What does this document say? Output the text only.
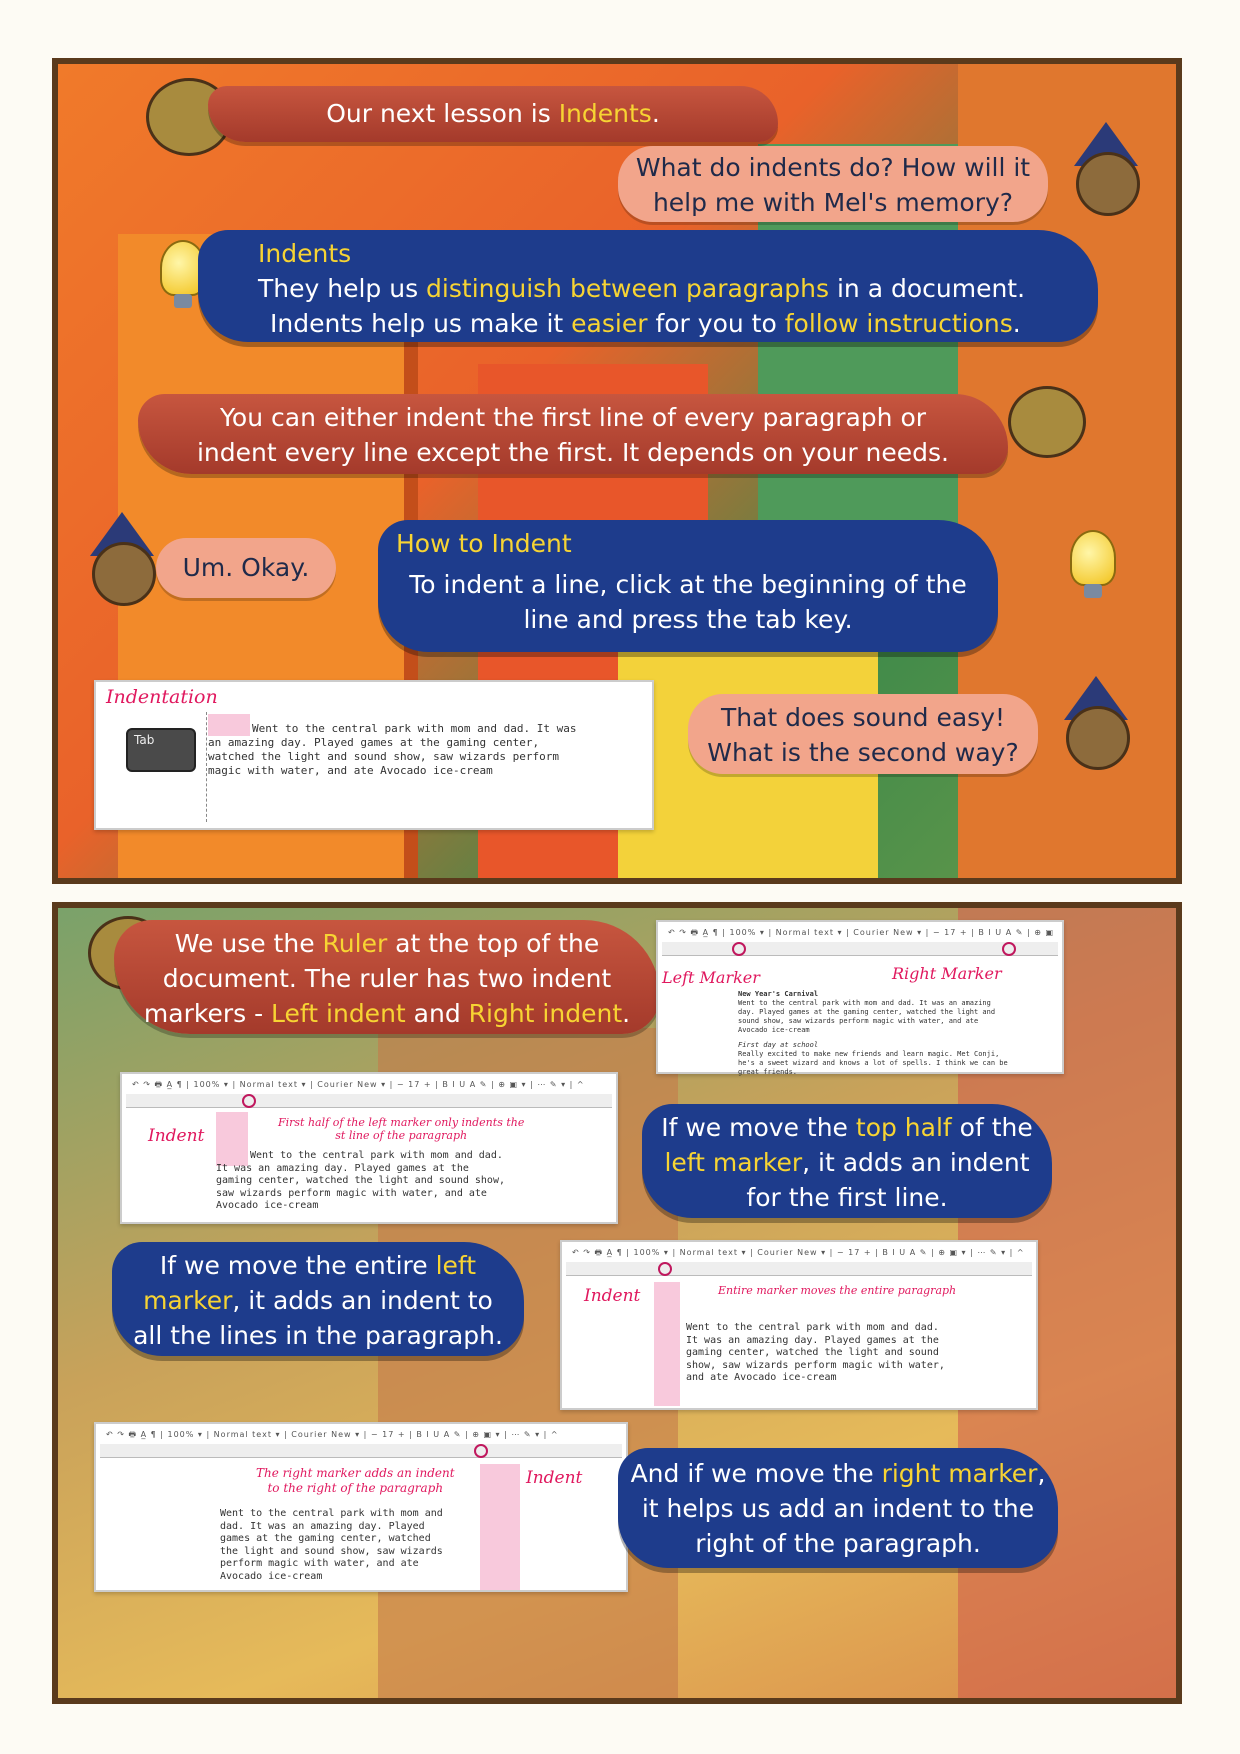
Our next lesson is Indents.
What do indents do? How will it
help me with Mel's memory?
Indents
They help us distinguish between paragraphs in a document.
Indents help us make it easier for you to follow instructions.
You can either indent the first line of every paragraph or
indent every line except the first. It depends on your needs.
Um. Okay.
How to Indent
To indent a line, click at the beginning of the
line and press the tab key.
That does sound easy!
What is the second way?
Indentation
Tab
Went to the central park with mom and dad. It was
an amazing day. Played games at the gaming center,
watched the light and sound show, saw wizards perform
magic with water, and ate Avocado ice-cream
We use the Ruler at the top of the
document. The ruler has two indent
markers - Left indent and Right indent.
↶ ↷ 🖶 A̲ ¶ | 100% ▾ | Normal text ▾ | Courier New ▾ | − 17 + | B I U A ✎ | ⊕ ▣
Left Marker	Right Marker
New Year's Carnival
Went to the central park with mom and dad. It was an amazing
day. Played games at the gaming center, watched the light and
sound show, saw wizards perform magic with water, and ate
Avocado ice-cream
First day at school
Really excited to make new friends and learn magic. Met Conji,
he's a sweet wizard and knows a lot of spells. I think we can be
great friends.
↶ ↷ 🖶 A̲ ¶ | 100% ▾ | Normal text ▾ | Courier New ▾ | − 17 + | B I U A ✎ | ⊕ ▣ ▾ | ⋯ ✎ ▾ | ^
Indent
First half of the left marker only indents the
st line of the paragraph
Went to the central park with mom and dad.
It was an amazing day. Played games at the
gaming center, watched the light and sound show,
saw wizards perform magic with water, and ate
Avocado ice-cream
If we move the top half of the
left marker, it adds an indent
for the first line.
If we move the entire left
marker, it adds an indent to
all the lines in the paragraph.
↶ ↷ 🖶 A̲ ¶ | 100% ▾ | Normal text ▾ | Courier New ▾ | − 17 + | B I U A ✎ | ⊕ ▣ ▾ | ⋯ ✎ ▾ | ^
Indent	Entire marker moves the entire paragraph
Went to the central park with mom and dad.
It was an amazing day. Played games at the
gaming center, watched the light and sound
show, saw wizards perform magic with water,
and ate Avocado ice-cream
↶ ↷ 🖶 A̲ ¶ | 100% ▾ | Normal text ▾ | Courier New ▾ | − 17 + | B I U A ✎ | ⊕ ▣ ▾ | ⋯ ✎ ▾ | ^
The right marker adds an indent
to the right of the paragraph	Indent
Went to the central park with mom and
dad. It was an amazing day. Played
games at the gaming center, watched
the light and sound show, saw wizards
perform magic with water, and ate
Avocado ice-cream
And if we move the right marker,
it helps us add an indent to the
right of the paragraph.
